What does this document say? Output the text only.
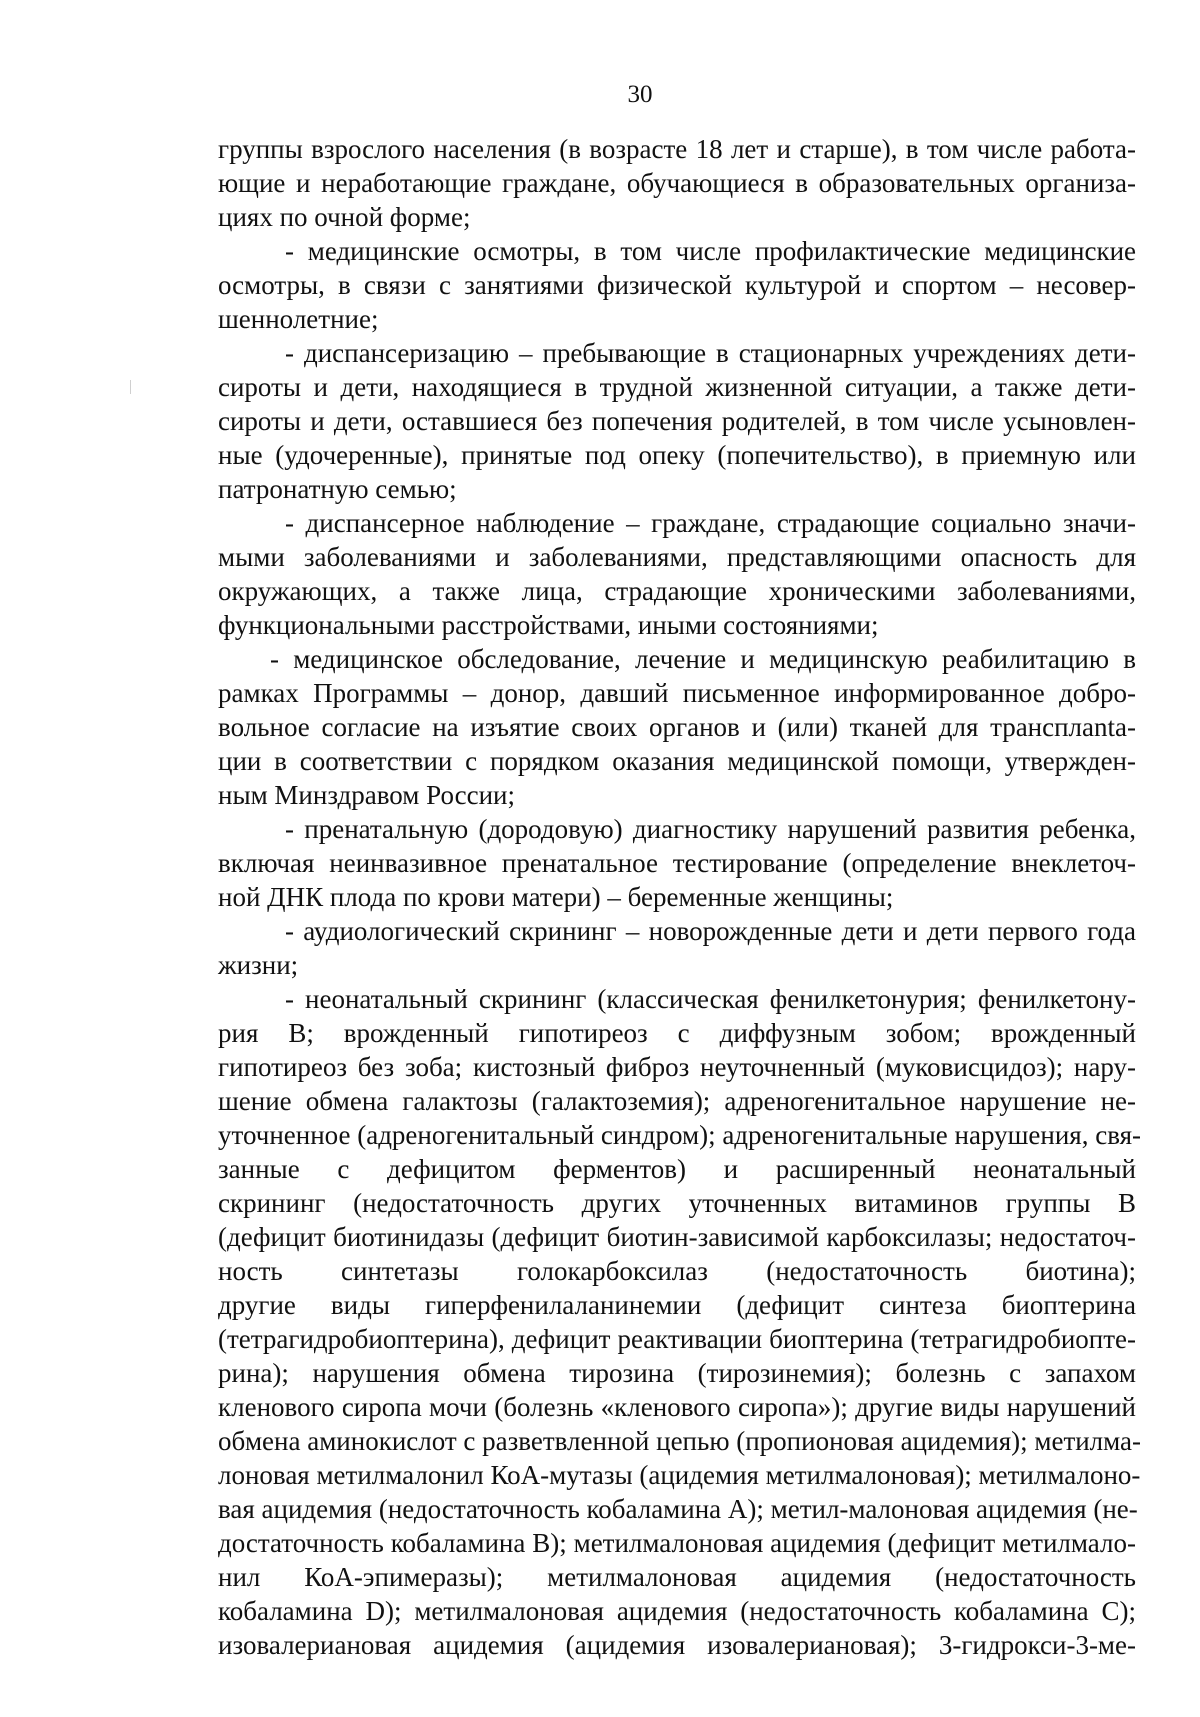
30
группы взрослого населения (в возрасте 18 лет и старше), в том числе работа-
ющие и неработающие граждане, обучающиеся в образовательных организа-
циях по очной форме;
- медицинские осмотры, в том числе профилактические медицинские
осмотры, в связи с занятиями физической культурой и спортом – несовер-
шеннолетние;
- диспансеризацию – пребывающие в стационарных учреждениях дети-
сироты и дети, находящиеся в трудной жизненной ситуации, а также дети-
сироты и дети, оставшиеся без попечения родителей, в том числе усыновлен-
ные (удочеренные), принятые под опеку (попечительство), в приемную или
патронатную семью;
- диспансерное наблюдение – граждане, страдающие социально значи-
мыми заболеваниями и заболеваниями, представляющими опасность для
окружающих, а также лица, страдающие хроническими заболеваниями,
функциональными расстройствами, иными состояниями;
- медицинское обследование, лечение и медицинскую реабилитацию в
рамках Программы – донор, давший письменное информированное добро-
вольное согласие на изъятие своих органов и (или) тканей для трансплanta-
ции в соответствии с порядком оказания медицинской помощи, утвержден-
ным Минздравом России;
- пренатальную (дородовую) диагностику нарушений развития ребенка,
включая неинвазивное пренатальное тестирование (определение внеклеточ-
ной ДНК плода по крови матери) – беременные женщины;
- аудиологический скрининг – новорожденные дети и дети первого года
жизни;
- неонатальный скрининг (классическая фенилкетонурия; фенилкетону-
рия В; врожденный гипотиреоз с диффузным зобом; врожденный
гипотиреоз без зоба; кистозный фиброз неуточненный (муковисцидоз); нару-
шение обмена галактозы (галактоземия); адреногенитальное нарушение не-
уточненное (адреногенитальный синдром); адреногенитальные нарушения, свя-
занные с дефицитом ферментов) и расширенный неонатальный
скрининг (недостаточность других уточненных витаминов группы В
(дефицит биотинидазы (дефицит биотин-зависимой карбоксилазы; недостаточ-
ность синтетазы голокарбоксилаз (недостаточность биотина);
другие виды гиперфенилаланинемии (дефицит синтеза биоптерина
(тетрагидробиоптерина), дефицит реактивации биоптерина (тетрагидробиопте-
рина); нарушения обмена тирозина (тирозинемия); болезнь с запахом
кленового сиропа мочи (болезнь «кленового сиропа»); другие виды нарушений
обмена аминокислот с разветвленной цепью (пропионовая ацидемия); метилма-
лоновая метилмалонил КоА-мутазы (ацидемия метилмалоновая); метилмалоно-
вая ацидемия (недостаточность кобаламина А); метил-малоновая ацидемия (не-
достаточность кобаламина В); метилмалоновая ацидемия (дефицит метилмало-
нил КоА-эпимеразы); метилмалоновая ацидемия (недостаточность
кобаламина D); метилмалоновая ацидемия (недостаточность кобаламина С);
изовалериановая ацидемия (ацидемия изовалериановая); 3-гидрокси-3-ме-
